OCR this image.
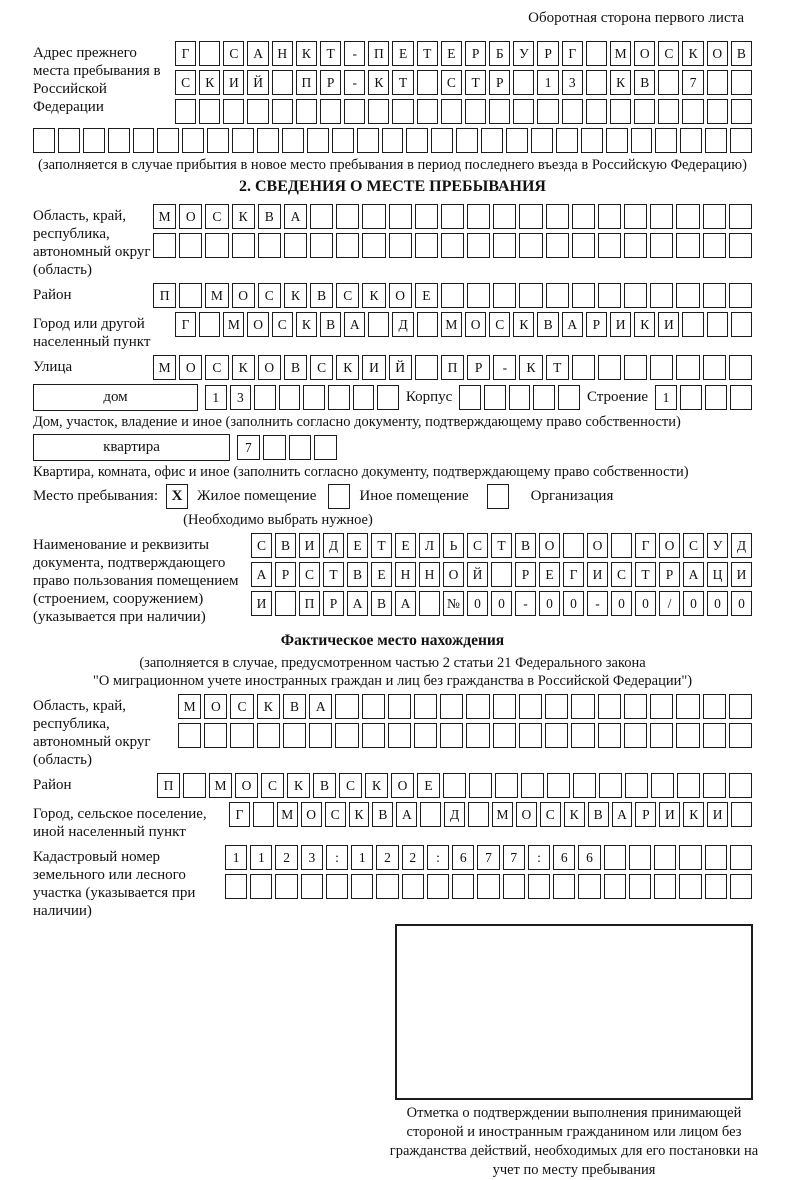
Оборотная сторона первого листа
Адрес прежнего места пребывания в Российской Федерации
Г	С	А	Н	К	Т	-	П	Е	Т	Е	Р	Б	У	Р	Г	М О	С	К	О	В
С	К	И	Й	П	Р	-	К	Т	С	Т	Р	1	3	К	В	7
(заполняется в случае прибытия в новое место пребывания в период последнего въезда в Российскую Федерацию)
2. СВЕДЕНИЯ О МЕСТЕ ПРЕБЫВАНИЯ
Область, край, республика, автономный округ (область)
М	О	С	К	В	А
Район	П	М	О	С	К	В	С	К	О	Е
Город или другой населенный пункт
Г	М О	С	К	В	А	Д	М О	С	К	В	А	Р	И	К	И
Улица	М	О	С	К	О	В	С	К	И	Й	П	Р	-	К	Т
дом	1	3	Корпус	Строение	1
Дом, участок, владение и иное (заполнить согласно документу, подтверждающему право собственности)
квартира	7
Квартира, комната, офис и иное (заполнить согласно документу, подтверждающему право собственности)
Место пребывания: X Жилое помещение	Иное помещение	Организация
(Необходимо выбрать нужное)
Наименование и реквизиты документа, подтверждающего право пользования помещением (строением, сооружением) (указывается при наличии)
С	В	И	Д	Е	Т	Е	Л	Ь	С	Т	В	О	О	Г	О	С	У	Д
А	Р	С	Т	В	Е	Н	Н	О	Й	Р	Е	Г	И	С	Т	Р	А	Ц	И
И	П	Р	А	В	А	№	0	0	-	0	0	-	0	0	/	0	0	0
Фактическое место нахождения
(заполняется в случае, предусмотренном частью 2 статьи 21 Федерального закона
"О миграционном учете иностранных граждан и лиц без гражданства в Российской Федерации")
Область, край, республика, автономный округ (область)
М	О	С	К	В	А
Район	П	М	О	С	К	В	С	К	О	Е
Город, сельское поселение, иной населенный пункт
Г	М О	С	К	В	А	Д	М О	С	К	В	А	Р	И	К	И
Кадастровый номер земельного или лесного участка (указывается при наличии)
1	1	2	3	:	1	2	2	:	6	7	7	:	6	6
Отметка о подтверждении выполнения принимающей стороной и иностранным гражданином или лицом без гражданства действий, необходимых для его постановки на учет по месту пребывания
